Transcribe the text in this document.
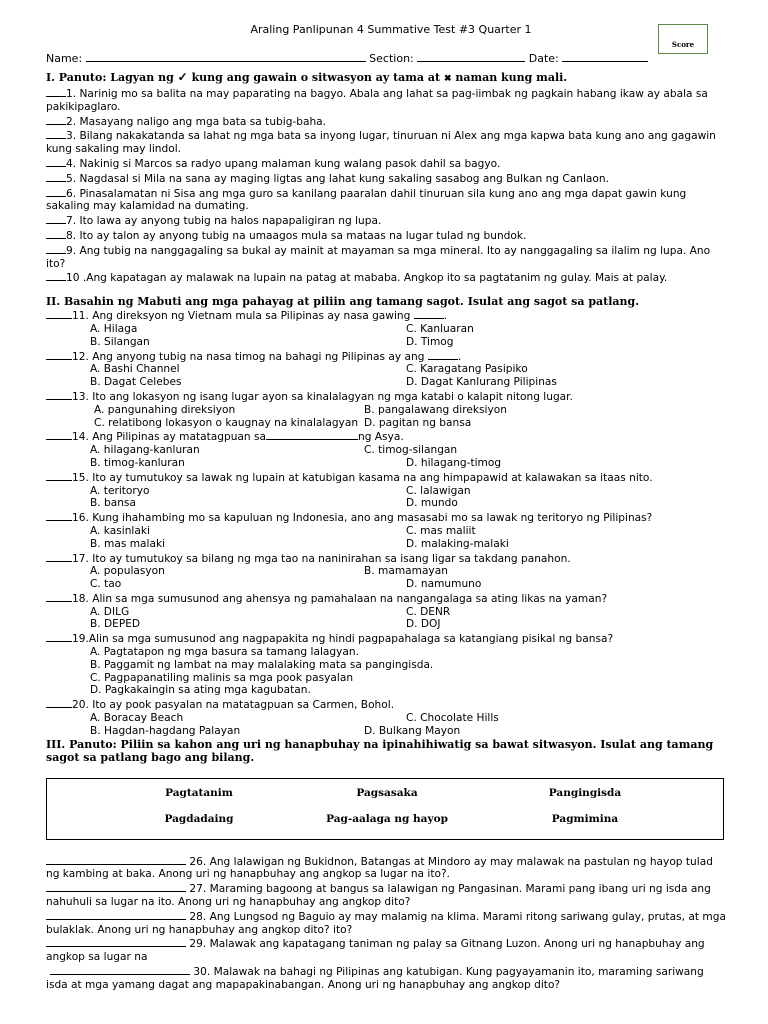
Araling Panlipunan 4 Summative Test #3 Quarter 1
Score
Name:	Section:	Date:
I. Panuto: Lagyan ng ✓ kung ang gawain o sitwasyon ay tama at ✖ naman kung mali.
1. Narinig mo sa balita na may paparating na bagyo. Abala ang lahat sa pag-iimbak ng pagkain habang ikaw ay abala sa pakikipaglaro.
2. Masayang naligo ang mga bata sa tubig-baha.
3. Bilang nakakatanda sa lahat ng mga bata sa inyong lugar, tinuruan ni Alex ang mga kapwa bata kung ano ang gagawin kung sakaling may lindol.
4. Nakinig si Marcos sa radyo upang malaman kung walang pasok dahil sa bagyo.
5. Nagdasal si Mila na sana ay maging ligtas ang lahat kung sakaling sasabog ang Bulkan ng Canlaon.
6. Pinasalamatan ni Sisa ang mga guro sa kanilang paaralan dahil tinuruan sila kung ano ang mga dapat gawin kung sakaling may kalamidad na dumating.
7. Ito lawa ay anyong tubig na halos napapaligiran ng lupa.
8. Ito ay talon ay anyong tubig na umaagos mula sa mataas na lugar tulad ng bundok.
9. Ang tubig na nanggagaling sa bukal ay mainit at mayaman sa mga mineral. Ito ay nanggagaling sa ilalim ng lupa. Ano ito?
10 .Ang kapatagan ay malawak na lupain na patag at mababa. Angkop ito sa pagtatanim ng gulay. Mais at palay.
II. Basahin ng Mabuti ang mga pahayag at piliin ang tamang sagot. Isulat ang sagot sa patlang.
11. Ang direksyon ng Vietnam mula sa Pilipinas ay nasa gawing	.
A. Hilaga	C. Kanluaran
B. Silangan	D. Timog
12. Ang anyong tubig na nasa timog na bahagi ng Pilipinas ay ang	.
A. Bashi Channel	C. Karagatang Pasipiko
B. Dagat Celebes	D. Dagat Kanlurang Pilipinas
13. Ito ang lokasyon ng isang lugar ayon sa kinalalagyan ng mga katabi o kalapit nitong lugar.
A. pangunahing direksiyon	B. pangalawang direksiyon
C. relatibong lokasyon o kaugnay na kinalalagyan D. pagitan ng bansa
14. Ang Pilipinas ay matatagpuan sa	ng Asya.
A. hilagang-kanluran	C. timog-silangan
B. timog-kanluran	D. hilagang-timog
15. Ito ay tumutukoy sa lawak ng lupain at katubigan kasama na ang himpapawid at kalawakan sa itaas nito.
A. teritoryo	C. lalawigan
B. bansa	D. mundo
16. Kung ihahambing mo sa kapuluan ng Indonesia, ano ang masasabi mo sa lawak ng teritoryo ng Pilipinas?
A. kasinlaki	C. mas maliit
B. mas malaki	D. malaking-malaki
17. Ito ay tumutukoy sa bilang ng mga tao na naninirahan sa isang ligar sa takdang panahon.
A. populasyon	B. mamamayan
C. tao	D. namumuno
18. Alin sa mga sumusunod ang ahensya ng pamahalaan na nangangalaga sa ating likas na yaman?
A. DILG	C. DENR
B. DEPED	D. DOJ
19.Alin sa mga sumusunod ang nagpapakita ng hindi pagpapahalaga sa katangiang pisikal ng bansa?
A. Pagtatapon ng mga basura sa tamang lalagyan.
B. Paggamit ng lambat na may malalaking mata sa pangingisda.
C. Pagpapanatiling malinis sa mga pook pasyalan
D. Pagkakaingin sa ating mga kagubatan.
20. Ito ay pook pasyalan na matatagpuan sa Carmen, Bohol.
A. Boracay Beach	C. Chocolate Hills
B. Hagdan-hagdang Palayan	D. Bulkang Mayon
III. Panuto: Piliin sa kahon ang uri ng hanapbuhay na ipinahihiwatig sa bawat sitwasyon. Isulat ang tamang sagot sa patlang bago ang bilang.
Pagtatanim	Pagsasaka	Pangingisda
Pagdadaing	Pag-aalaga ng hayop	Pagmimina
26. Ang lalawigan ng Bukidnon, Batangas at Mindoro ay may malawak na pastulan ng hayop tulad ng kambing at baka. Anong uri ng hanapbuhay ang angkop sa lugar na ito?.
27. Maraming bagoong at bangus sa lalawigan ng Pangasinan. Marami pang ibang uri ng isda ang nahuhuli sa lugar na ito. Anong uri ng hanapbuhay ang angkop dito?
28. Ang Lungsod ng Baguio ay may malamig na klima. Marami ritong sariwang gulay, prutas, at mga bulaklak. Anong uri ng hanapbuhay ang angkop dito? ito?
29. Malawak ang kapatagang taniman ng palay sa Gitnang Luzon. Anong uri ng hanapbuhay ang angkop sa lugar na
30. Malawak na bahagi ng Pilipinas ang katubigan. Kung pagyayamanin ito, maraming sariwang isda at mga yamang dagat ang mapapakinabangan. Anong uri ng hanapbuhay ang angkop dito?
